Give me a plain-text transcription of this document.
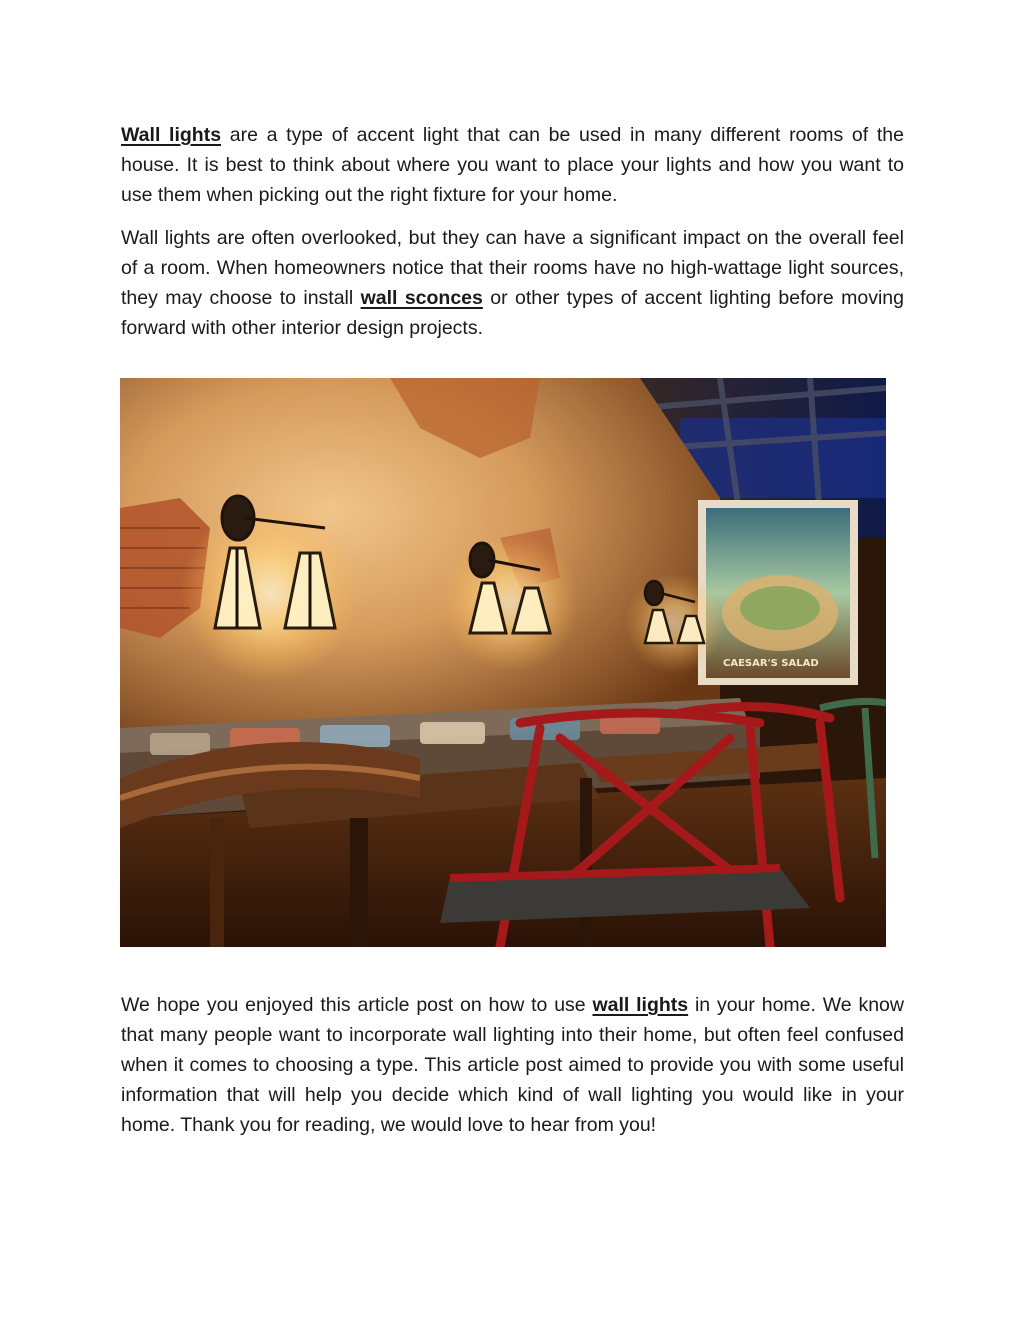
Wall lights are a type of accent light that can be used in many different rooms of the house. It is best to think about where you want to place your lights and how you want to use them when picking out the right fixture for your home.

Wall lights are often overlooked, but they can have a significant impact on the overall feel of a room. When homeowners notice that their rooms have no high-wattage light sources, they may choose to install wall sconces or other types of accent lighting before moving forward with other interior design projects.

CAESAR'S SALAD

We hope you enjoyed this article post on how to use wall lights in your home. We know that many people want to incorporate wall lighting into their home, but often feel confused when it comes to choosing a type. This article post aimed to provide you with some useful information that will help you decide which kind of wall lighting you would like in your home. Thank you for reading, we would love to hear from you!
